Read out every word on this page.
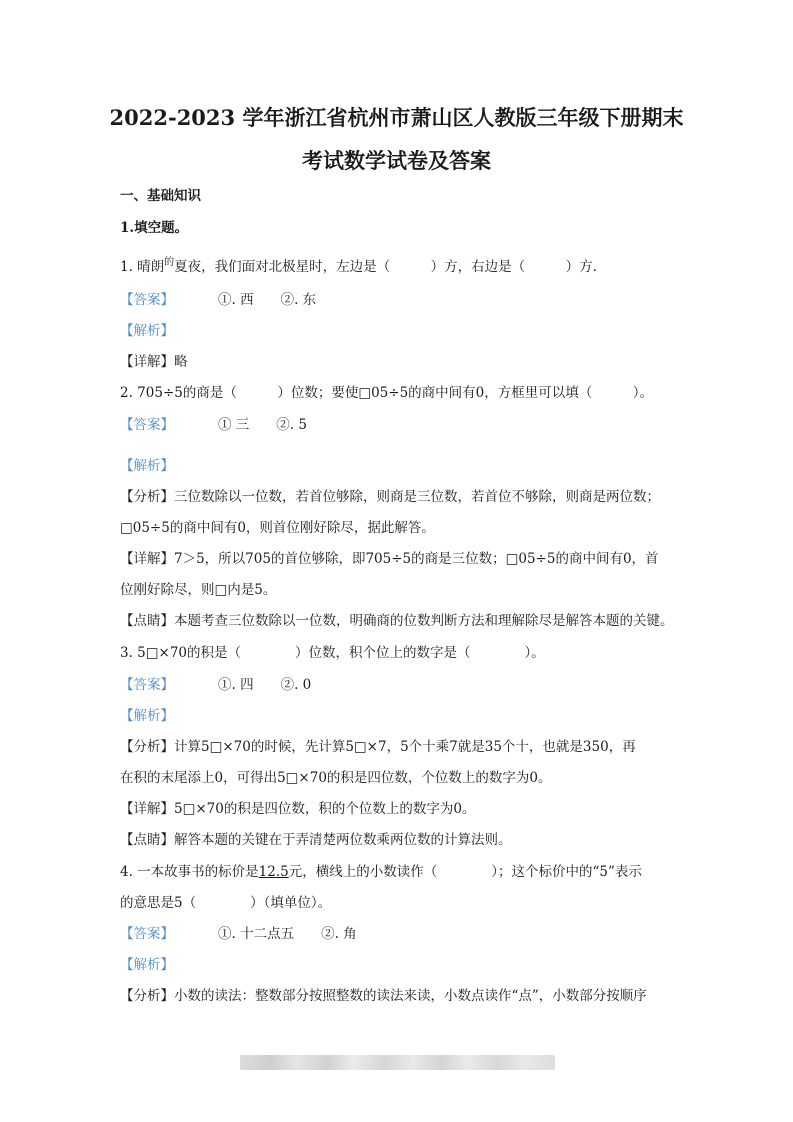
2022-2023 学年浙江省杭州市萧山区人教版三年级下册期末
考试数学试卷及答案
一、基础知识
1.填空题。
1. 晴朗$^的$夏夜，我们面对北极星时，左边是（　　　）方，右边是（　　　）方.
【答案】	①. 西　　②. 东
【解析】
【详解】略
2. 705÷5的商是（　　　）位数；要使□05÷5的商中间有0，方框里可以填（　　　）。
【答案】	① 三　　②. 5
【解析】
【分析】三位数除以一位数，若首位够除，则商是三位数，若首位不够除，则商是两位数；
□05÷5的商中间有0，则首位刚好除尽，据此解答。
【详解】7＞5，所以705的首位够除，即705÷5的商是三位数；□05÷5的商中间有0，首
位刚好除尽，则□内是5。
【点睛】本题考查三位数除以一位数，明确商的位数判断方法和理解除尽是解答本题的关键。
3. 5□×70的积是（　　　　）位数，积个位上的数字是（　　　　）。
【答案】	①. 四　　②. 0
【解析】
【分析】计算5□×70的时候，先计算5□×7，5个十乘7就是35个十，也就是350，再
在积的末尾添上0，可得出5□×70的积是四位数，个位数上的数字为0。
【详解】5□×70的积是四位数，积的个位数上的数字为0。
【点睛】解答本题的关键在于弄清楚两位数乘两位数的计算法则。
4. 一本故事书的标价是12.5元，横线上的小数读作（　　　　）；这个标价中的“5”表示
的意思是5（　　　　）（填单位）。
【答案】	①. 十二点五　　②. 角
【解析】
【分析】小数的读法：整数部分按照整数的读法来读，小数点读作“点”，小数部分按顺序
